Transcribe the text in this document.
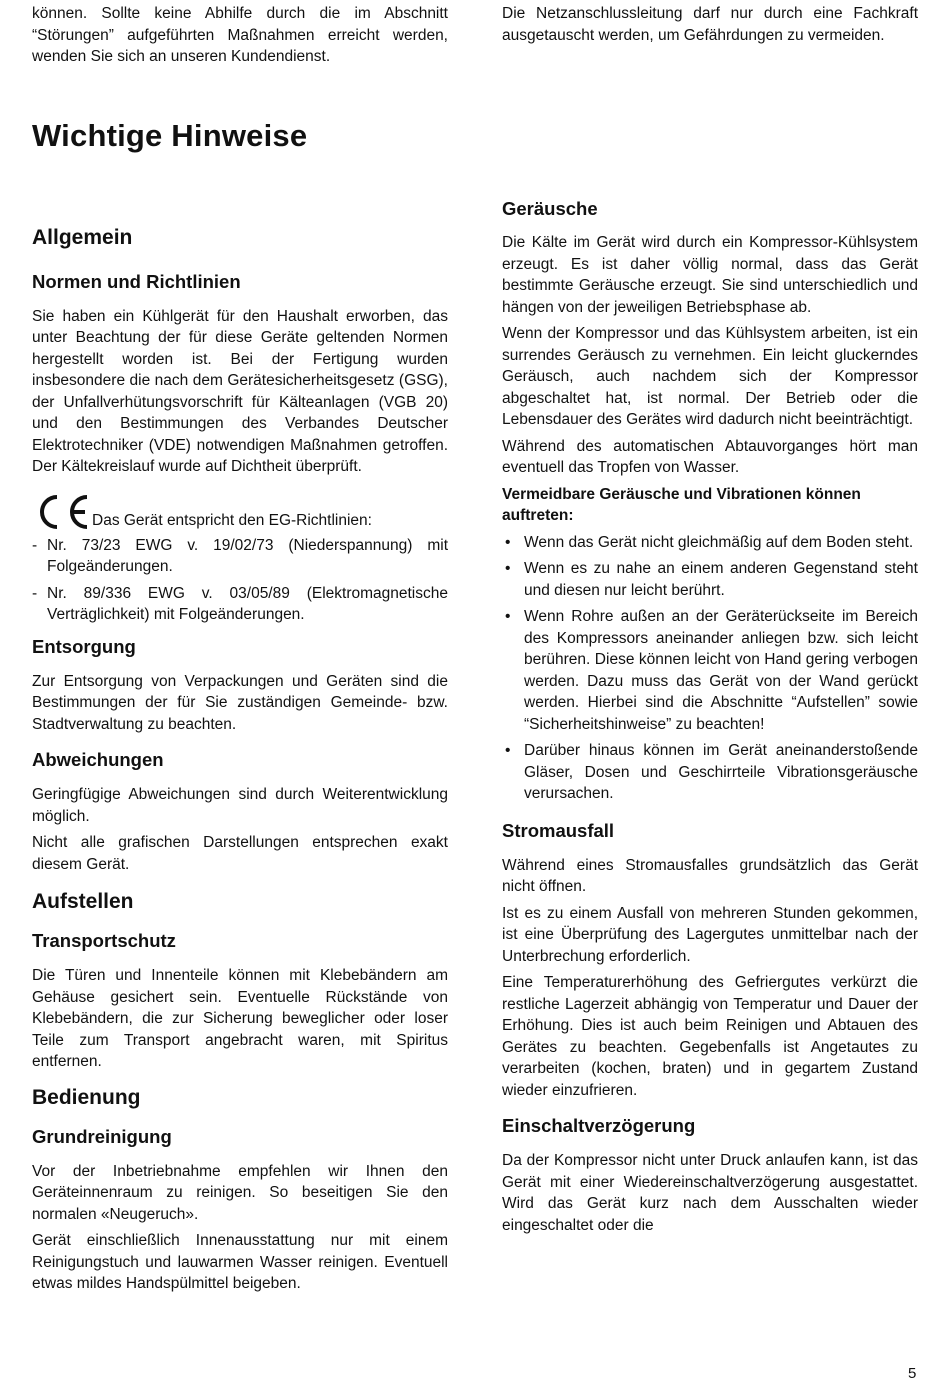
können. Sollte keine Abhilfe durch die im Abschnitt “Störungen” aufgeführten Maßnahmen erreicht werden, wenden Sie sich an unseren Kundendienst.

Allgemein
Normen und Richtlinien

Sie haben ein Kühlgerät für den Haushalt erworben, das unter Beachtung der für diese Geräte geltenden Normen hergestellt worden ist. Bei der Fertigung wurden insbesondere die nach dem Gerätesicherheitsgesetz (GSG), der Unfallverhütungsvorschrift für Kälteanlagen (VGB 20) und den Bestimmungen des Verbandes Deutscher Elektrotechniker (VDE) notwendigen Maßnahmen getroffen. Der Kältekreislauf wurde auf Dichtheit überprüft.

Das Gerät entspricht den EG-Richtlinien:
- Nr. 73/23 EWG v. 19/02/73 (Niederspannung) mit Folgeänderungen.
- Nr. 89/336 EWG v. 03/05/89 (Elektromagnetische Verträglichkeit) mit Folgeänderungen.
Entsorgung

Zur Entsorgung von Verpackungen und Geräten sind die Bestimmungen der für Sie zuständigen Gemeinde- bzw. Stadtverwaltung zu beachten.

Abweichungen

Geringfügige Abweichungen sind durch Weiterentwicklung möglich.

Nicht alle grafischen Darstellungen entsprechen exakt diesem Gerät.

Aufstellen
Transportschutz

Die Türen und Innenteile können mit Klebebändern am Gehäuse gesichert sein. Eventuelle Rückstände von Klebebändern, die zur Sicherung beweglicher oder loser Teile zum Transport angebracht waren, mit Spiritus entfernen.

Bedienung
Grundreinigung

Vor der Inbetriebnahme empfehlen wir Ihnen den Geräteinnenraum zu reinigen. So beseitigen Sie den normalen «Neugeruch».

Gerät einschließlich Innenausstattung nur mit einem Reinigungstuch und lauwarmen Wasser reinigen. Eventuell etwas mildes Handspülmittel beigeben.

Wichtige Hinweise

Die Netzanschlussleitung darf nur durch eine Fachkraft ausgetauscht werden, um Gefährdungen zu vermeiden.

Geräusche

Die Kälte im Gerät wird durch ein Kompressor-Kühlsystem erzeugt. Es ist daher völlig normal, dass das Gerät bestimmte Geräusche erzeugt. Sie sind unterschiedlich und hängen von der jeweiligen Betriebsphase ab.

Wenn der Kompressor und das Kühlsystem arbeiten, ist ein surrendes Geräusch zu vernehmen. Ein leicht gluckerndes Geräusch, auch nachdem sich der Kompressor abgeschaltet hat, ist normal. Der Betrieb oder die Lebensdauer des Gerätes wird dadurch nicht beeinträchtigt.

Während des automatischen Abtauvorganges hört man eventuell das Tropfen von Wasser.

Vermeidbare Geräusche und Vibrationen können auftreten:

• Wenn das Gerät nicht gleichmäßig auf dem Boden steht.
• Wenn es zu nahe an einem anderen Gegenstand steht und diesen nur leicht berührt.
• Wenn Rohre außen an der Geräterückseite im Bereich des Kompressors aneinander anliegen bzw. sich leicht berühren. Diese können leicht von Hand gering verbogen werden. Dazu muss das Gerät von der Wand gerückt werden. Hierbei sind die Abschnitte “Aufstellen” sowie “Sicherheitshinweise” zu beachten!
• Darüber hinaus können im Gerät aneinanderstoßende Gläser, Dosen und Geschirrteile Vibrationsgeräusche verursachen.
Stromausfall

Während eines Stromausfalles grundsätzlich das Gerät nicht öffnen.

Ist es zu einem Ausfall von mehreren Stunden gekommen, ist eine Überprüfung des Lagergutes unmittelbar nach der Unterbrechung erforderlich.

Eine Temperaturerhöhung des Gefriergutes verkürzt die restliche Lagerzeit abhängig von Temperatur und Dauer der Erhöhung. Dies ist auch beim Reinigen und Abtauen des Gerätes zu beachten. Gegebenfalls ist Angetautes zu verarbeiten (kochen, braten) und in gegartem Zustand wieder einzufrieren.

Einschaltverzögerung

Da der Kompressor nicht unter Druck anlaufen kann, ist das Gerät mit einer Wiedereinschaltverzögerung ausgestattet. Wird das Gerät kurz nach dem Ausschalten wieder eingeschaltet oder die

5
